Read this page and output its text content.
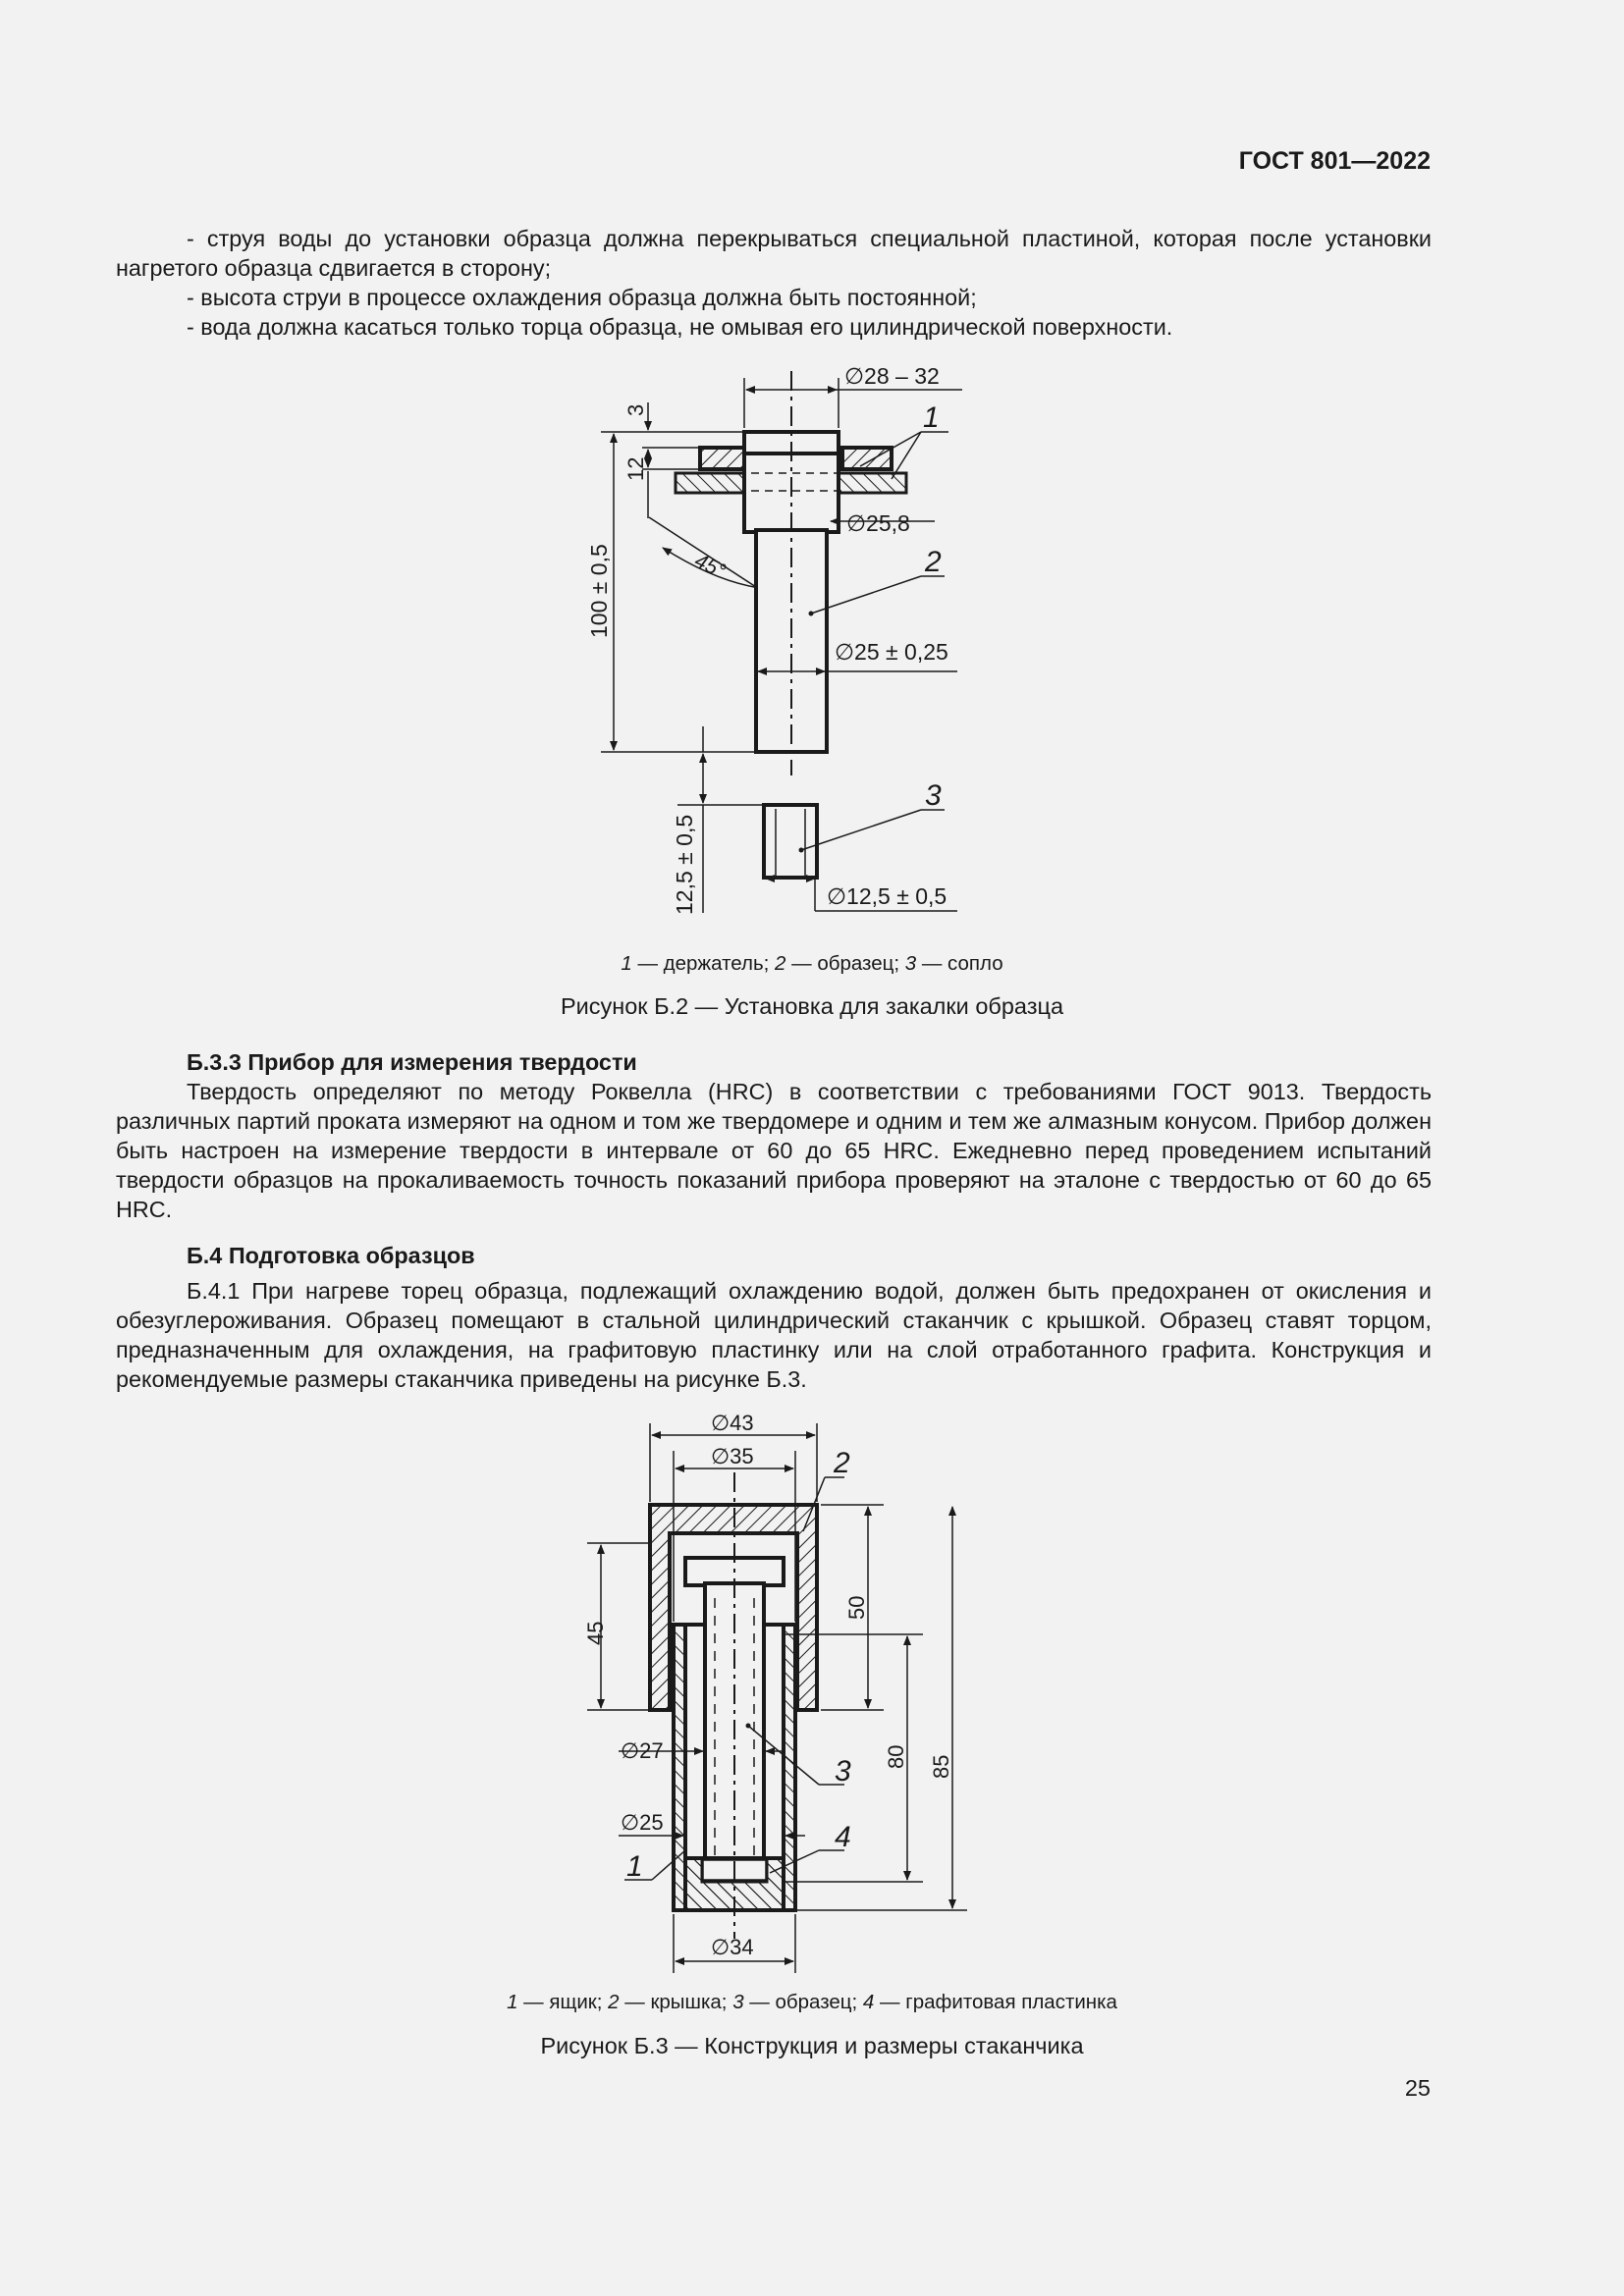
ГОСТ 801—2022

- струя воды до установки образца должна перекрываться специальной пластиной, которая после установки нагретого образца сдвигается в сторону;

- высота струи в процессе охлаждения образца должна быть постоянной;

- вода должна касаться только торца образца, не омывая его цилиндрической поверхности.

∅28 – 32
∅25,8
∅25 ± 0,25
∅12,5 ± 0,5
100 ± 0,5
12,5 ± 0,5
3
12
45°
1
2
3
1 — держатель; 2 — образец; 3 — сопло
Рисунок Б.2 — Установка для закалки образца

Б.3.3 Прибор для измерения твердости

Твердость определяют по методу Роквелла (HRC) в соответствии с требованиями ГОСТ 9013. Твердость различных партий проката измеряют на одном и том же твердомере и одним и тем же алмазным конусом. Прибор должен быть настроен на измерение твердости в интервале от 60 до 65 HRC. Ежедневно перед проведением испытаний твердости образцов на прокаливаемость точность показаний прибора проверяют на эталоне с твердостью от 60 до 65 HRC.

Б.4 Подготовка образцов

Б.4.1 При нагреве торец образца, подлежащий охлаждению водой, должен быть предохранен от окисления и обезуглероживания. Образец помещают в стальной цилиндрический стаканчик с крышкой. Образец ставят торцом, предназначенным для охлаждения, на графитовую пластинку или на слой отработанного графита. Конструкция и рекомендуемые размеры стаканчика приведены на рисунке Б.3.

∅43
∅35
∅27
∅25
∅34
45
50
80 85
2
3
4
1
1 — ящик; 2 — крышка; 3 — образец; 4 — графитовая пластинка
Рисунок Б.3 — Конструкция и размеры стаканчика
25
